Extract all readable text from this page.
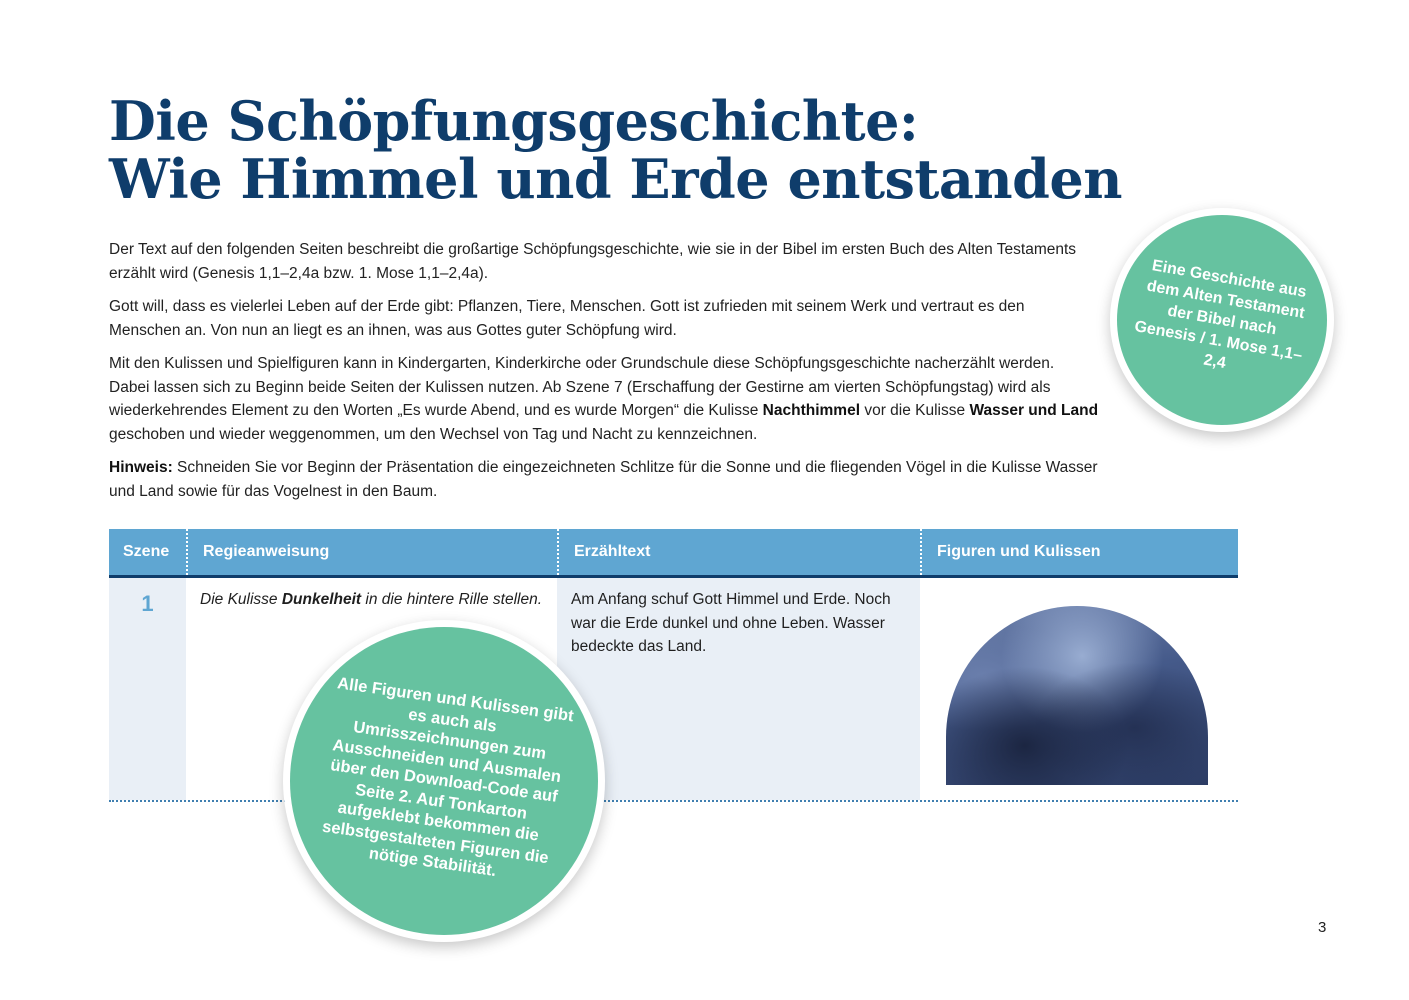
Die Schöpfungsgeschichte:
Wie Himmel und Erde entstanden

Der Text auf den folgenden Seiten beschreibt die großartige Schöpfungsgeschichte, wie sie in der Bibel im ersten Buch des Alten Testaments erzählt wird (Genesis 1,1–2,4a bzw. 1. Mose 1,1–2,4a).

Gott will, dass es vielerlei Leben auf der Erde gibt: Pflanzen, Tiere, Menschen. Gott ist zufrieden mit seinem Werk und vertraut es den Menschen an. Von nun an liegt es an ihnen, was aus Gottes guter Schöpfung wird.

Mit den Kulissen und Spielfiguren kann in Kindergarten, Kinderkirche oder Grundschule diese Schöpfungsgeschichte nacherzählt werden. Dabei lassen sich zu Beginn beide Seiten der Kulissen nutzen. Ab Szene 7 (Erschaffung der Gestirne am vierten Schöpfungstag) wird als wiederkehrendes Element zu den Worten „Es wurde Abend, und es wurde Morgen“ die Kulisse Nachthimmel vor die Kulisse Wasser und Land geschoben und wieder weggenommen, um den Wechsel von Tag und Nacht zu kennzeichnen.

Hinweis: Schneiden Sie vor Beginn der Präsentation die eingezeichneten Schlitze für die Sonne und die fliegenden Vögel in die Kulisse Wasser und Land sowie für das Vogelnest in den Baum.

Eine Geschichte aus dem Alten Testament der Bibel nach Genesis / 1. Mose 1,1–2,4
Szene	Regieanweisung	Erzähltext	Figuren und Kulissen
1	Die Kulisse Dunkelheit in die hintere Rille stellen.	Am Anfang schuf Gott Himmel und Erde. Noch war die Erde dunkel und ohne Leben. Wasser bedeckte das Land.
Alle Figuren und Kulissen gibt es auch als Umrisszeichnungen zum Ausschneiden und Ausmalen über den Download-Code auf Seite 2. Auf Tonkarton aufgeklebt bekommen die selbstgestalteten Figuren die nötige Stabilität.
3
